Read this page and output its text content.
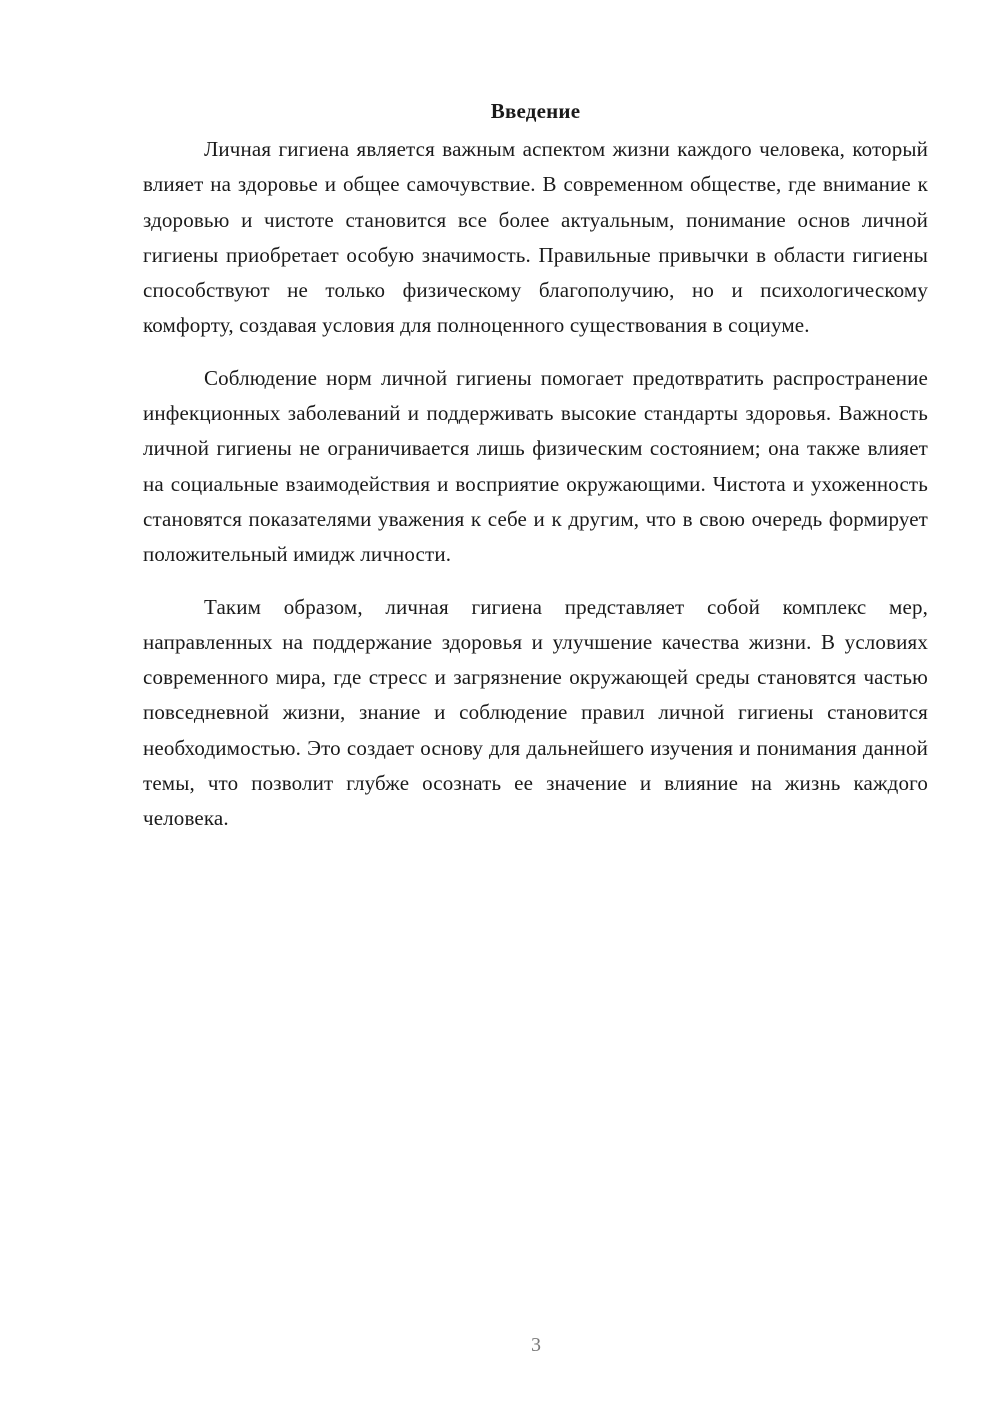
Введение

Личная гигиена является важным аспектом жизни каждого человека, который влияет на здоровье и общее самочувствие. В современном обществе, где внимание к здоровью и чистоте становится все более актуальным, понимание основ личной гигиены приобретает особую значимость. Правильные привычки в области гигиены способствуют не только физическому благополучию, но и психологическому комфорту, создавая условия для полноценного существования в социуме.

Соблюдение норм личной гигиены помогает предотвратить распространение инфекционных заболеваний и поддерживать высокие стандарты здоровья. Важность личной гигиены не ограничивается лишь физическим состоянием; она также влияет на социальные взаимодействия и восприятие окружающими. Чистота и ухоженность становятся показателями уважения к себе и к другим, что в свою очередь формирует положительный имидж личности.

Таким образом, личная гигиена представляет собой комплекс мер, направленных на поддержание здоровья и улучшение качества жизни. В условиях современного мира, где стресс и загрязнение окружающей среды становятся частью повседневной жизни, знание и соблюдение правил личной гигиены становится необходимостью. Это создает основу для дальнейшего изучения и понимания данной темы, что позволит глубже осознать ее значение и влияние на жизнь каждого человека.

3
